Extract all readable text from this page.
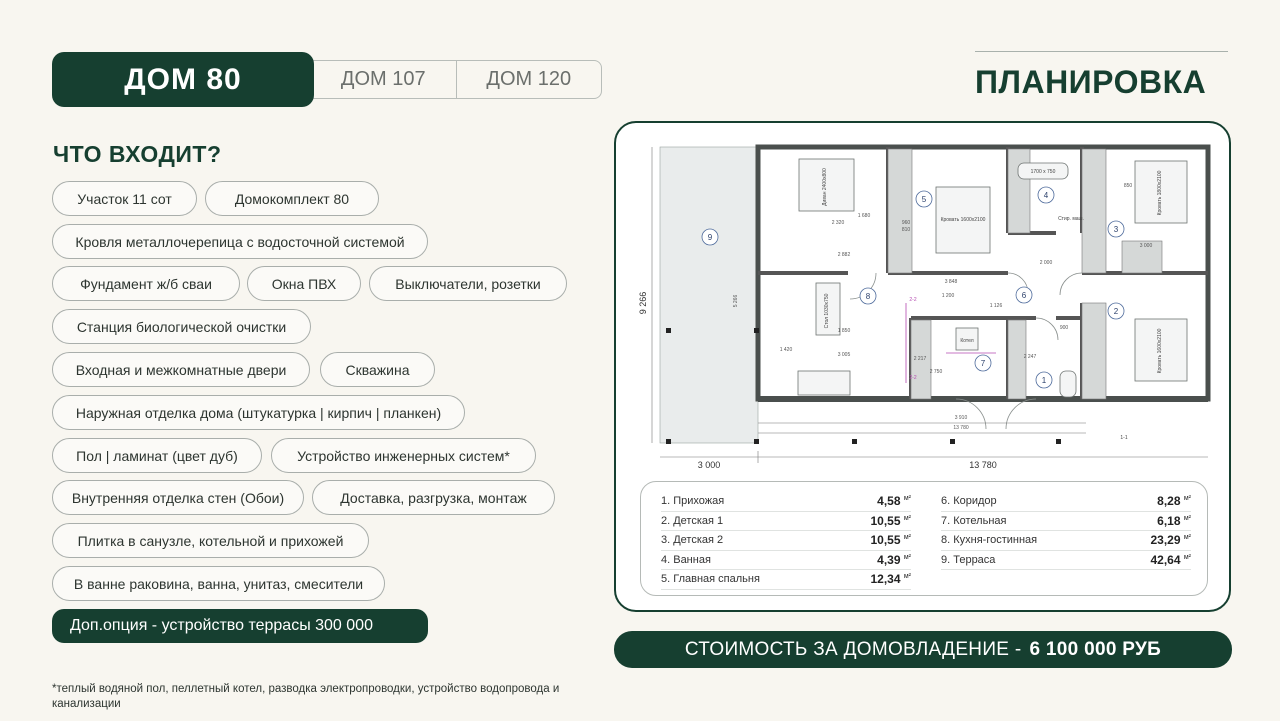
ДОМ 107	ДОМ 120
ДОМ 80	ПЛАНИРОВКА
ЧТО ВХОДИТ?
Участок 11 сот	Домокомплект 80
Кровля металлочерепица с водосточной системой
Фундамент ж/б сваи	Окна ПВХ	Выключатели, розетки
Станция биологической очистки
Входная и межкомнатные двери	Скважина
Наружная отделка дома (штукатурка | кирпич | планкен)
Пол | ламинат (цвет дуб)	Устройство инженерных систем*
Внутренняя отделка стен (Обои)	Доставка, разгрузка, монтаж
Плитка в санузле, котельной и прихожей
В ванне раковина, ванна, унитаз, смесители
Доп.опция - устройство террасы 300 000
*теплый водяной пол, пеллетный котел, разводка электропроводки, устройство водопровода и канализации
9
5	4
3
2
8	6
7
1
Диван 2400х800
Стол 1030х750
Кровать 1600х2100
Кровать 1800х2100
Кровать 1600х2100
1700 x 750
Котел
Стир. маш.
2 320
2 882
3 848
1 126
2 000
3 000
1 850
3 005
2 750
3 910
13 780
1 420
2 217	2 247
1 680
1 200
850
900
960
810
5 266	2-2
2-2
1-1
9 266
3 000	13 780
1. Прихожая	4,58 $^{м^2}$
2. Детская 1	10,55 $^{м^2}$
3. Детская 2	10,55 $^{м^2}$
4. Ванная	4,39 $^{м^2}$
5. Главная спальня	12,34 $^{м^2}$
6. Коридор	8,28 $^{м^2}$
7. Котельная	6,18 $^{м^2}$
8. Кухня-гостинная	23,29 $^{м^2}$
9. Терраса	42,64 $^{м^2}$
СТОИМОСТЬ ЗА ДОМОВЛАДЕНИЕ - 6 100 000 РУБ
